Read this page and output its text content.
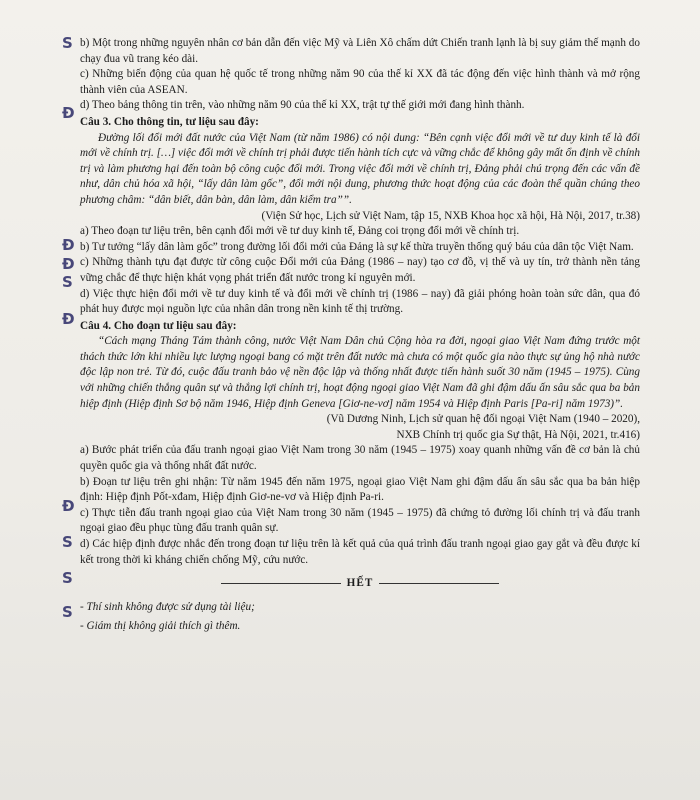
S
Đ
Đ
Đ
S
Đ
Đ
S
S
S

b) Một trong những nguyên nhân cơ bản dẫn đến việc Mỹ và Liên Xô chấm dứt Chiến tranh lạnh là bị suy giảm thế mạnh do chạy đua vũ trang kéo dài.

c) Những biến động của quan hệ quốc tế trong những năm 90 của thế kỉ XX đã tác động đến việc hình thành và mở rộng thành viên của ASEAN.

d) Theo bảng thông tin trên, vào những năm 90 của thế kỉ XX, trật tự thế giới mới đang hình thành.

Câu 3. Cho thông tin, tư liệu sau đây:

Đường lối đổi mới đất nước của Việt Nam (từ năm 1986) có nội dung: “Bên cạnh việc đổi mới về tư duy kinh tế là đổi mới về chính trị. […] việc đổi mới về chính trị phải được tiến hành tích cực và vững chắc để không gây mất ổn định về chính trị và làm phương hại đến toàn bộ công cuộc đổi mới. Trong việc đổi mới về chính trị, Đảng phải chú trọng đến các vấn đề như, dân chủ hóa xã hội, “lấy dân làm gốc”, đổi mới nội dung, phương thức hoạt động của các đoàn thể quần chúng theo phương châm: “dân biết, dân bàn, dân làm, dân kiểm tra””.

(Viện Sử học, Lịch sử Việt Nam, tập 15, NXB Khoa học xã hội, Hà Nội, 2017, tr.38)

a) Theo đoạn tư liệu trên, bên cạnh đổi mới về tư duy kinh tế, Đảng coi trọng đổi mới về chính trị.

b) Tư tưởng “lấy dân làm gốc” trong đường lối đổi mới của Đảng là sự kế thừa truyền thống quý báu của dân tộc Việt Nam.

c) Những thành tựu đạt được từ công cuộc Đổi mới của Đảng (1986 – nay) tạo cơ đồ, vị thế và uy tín, trở thành nền tảng vững chắc để thực hiện khát vọng phát triển đất nước trong kỉ nguyên mới.

d) Việc thực hiện đổi mới về tư duy kinh tế và đổi mới về chính trị (1986 – nay) đã giải phóng hoàn toàn sức dân, qua đó phát huy được mọi nguồn lực của nhân dân trong nền kinh tế thị trường.

Câu 4. Cho đoạn tư liệu sau đây:

“Cách mạng Tháng Tám thành công, nước Việt Nam Dân chủ Cộng hòa ra đời, ngoại giao Việt Nam đứng trước một thách thức lớn khi nhiều lực lượng ngoại bang có mặt trên đất nước mà chưa có một quốc gia nào thực sự ủng hộ nhà nước độc lập non trẻ. Từ đó, cuộc đấu tranh bảo vệ nền độc lập và thống nhất được tiến hành suốt 30 năm (1945 – 1975). Cùng với những chiến thắng quân sự và thắng lợi chính trị, hoạt động ngoại giao Việt Nam đã ghi đậm dấu ấn sâu sắc qua ba bản hiệp định (Hiệp định Sơ bộ năm 1946, Hiệp định Geneva [Giơ-ne-vơ] năm 1954 và Hiệp định Paris [Pa-ri] năm 1973)”.

(Vũ Dương Ninh, Lịch sử quan hệ đối ngoại Việt Nam (1940 – 2020),

NXB Chính trị quốc gia Sự thật, Hà Nội, 2021, tr.416)

a) Bước phát triển của đấu tranh ngoại giao Việt Nam trong 30 năm (1945 – 1975) xoay quanh những vấn đề cơ bản là chủ quyền quốc gia và thống nhất đất nước.

b) Đoạn tư liệu trên ghi nhận: Từ năm 1945 đến năm 1975, ngoại giao Việt Nam ghi đậm dấu ấn sâu sắc qua ba bản hiệp định: Hiệp định Pốt-xđam, Hiệp định Giơ-ne-vơ và Hiệp định Pa-ri.

c) Thực tiễn đấu tranh ngoại giao của Việt Nam trong 30 năm (1945 – 1975) đã chứng tỏ đường lối chính trị và đấu tranh ngoại giao đều phục tùng đấu tranh quân sự.

d) Các hiệp định được nhắc đến trong đoạn tư liệu trên là kết quả của quá trình đấu tranh ngoại giao gay gắt và đều được kí kết trong thời kì kháng chiến chống Mỹ, cứu nước.

HẾT

- Thí sinh không được sử dụng tài liệu;

- Giám thị không giải thích gì thêm.
